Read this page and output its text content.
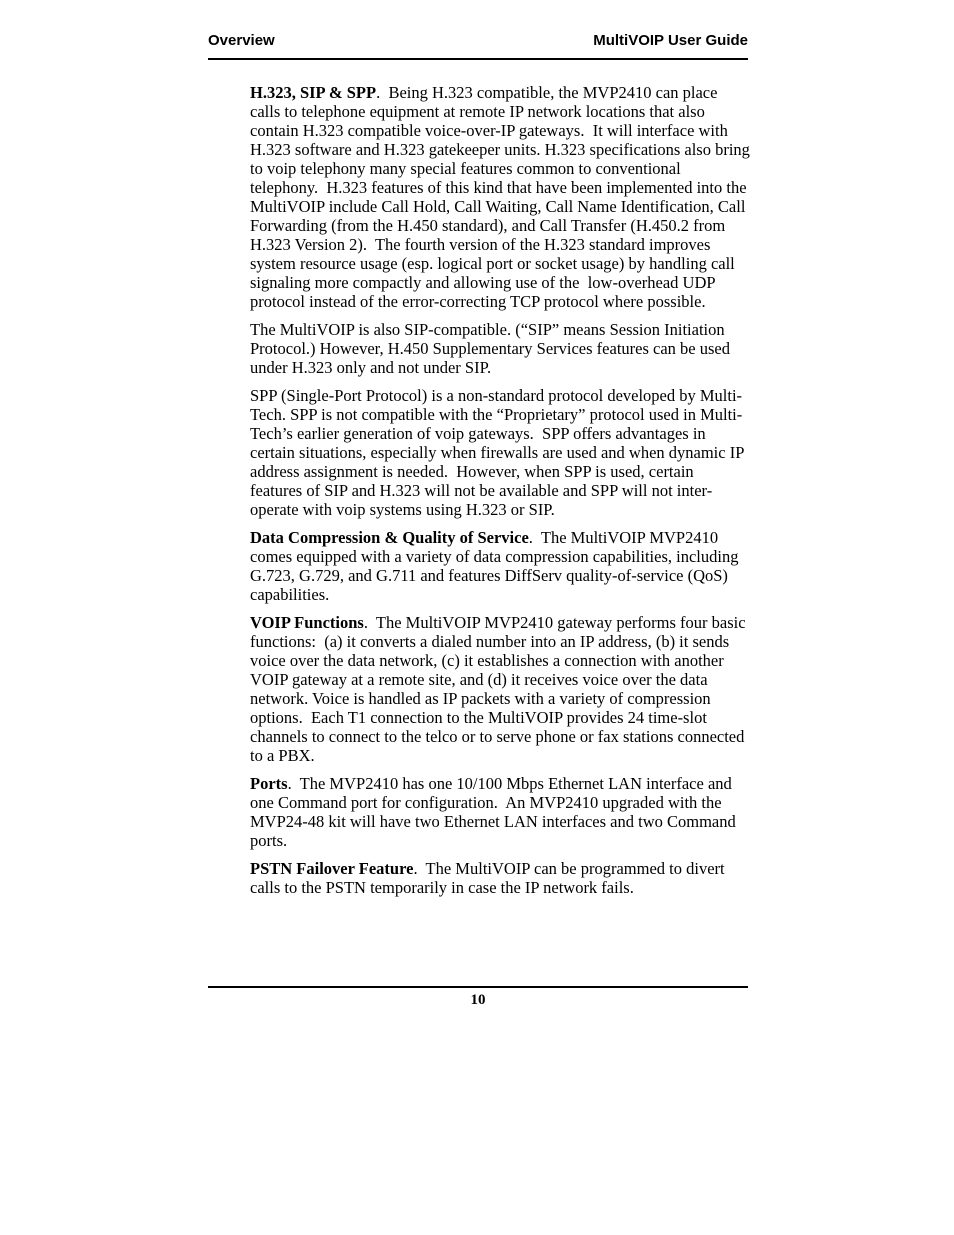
Overview	MultiVOIP User Guide

H.323, SIP & SPP.  Being H.323 compatible, the MVP2410 can place calls to telephone equipment at remote IP network locations that also contain H.323 compatible voice-over-IP gateways.  It will interface with H.323 software and H.323 gatekeeper units. H.323 specifications also bring to voip telephony many special features common to conventional telephony.  H.323 features of this kind that have been implemented into the MultiVOIP include Call Hold, Call Waiting, Call Name Identification, Call Forwarding (from the H.450 standard), and Call Transfer (H.450.2 from H.323 Version 2).  The fourth version of the H.323 standard improves system resource usage (esp. logical port or socket usage) by handling call signaling more compactly and allowing use of the  low-overhead UDP protocol instead of the error-correcting TCP protocol where possible.

The MultiVOIP is also SIP-compatible. (“SIP” means Session Initiation Protocol.) However, H.450 Supplementary Services features can be used under H.323 only and not under SIP.

SPP (Single-Port Protocol) is a non-standard protocol developed by Multi-Tech. SPP is not compatible with the “Proprietary” protocol used in Multi-Tech’s earlier generation of voip gateways.  SPP offers advantages in certain situations, especially when firewalls are used and when dynamic IP address assignment is needed.  However, when SPP is used, certain features of SIP and H.323 will not be available and SPP will not inter-operate with voip systems using H.323 or SIP.

Data Compression & Quality of Service.  The MultiVOIP MVP2410 comes equipped with a variety of data compression capabilities, including G.723, G.729, and G.711 and features DiffServ quality-of-service (QoS) capabilities.

VOIP Functions.  The MultiVOIP MVP2410 gateway performs four basic functions:  (a) it converts a dialed number into an IP address, (b) it sends voice over the data network, (c) it establishes a connection with another VOIP gateway at a remote site, and (d) it receives voice over the data network. Voice is handled as IP packets with a variety of compression options.  Each T1 connection to the MultiVOIP provides 24 time-slot channels to connect to the telco or to serve phone or fax stations connected to a PBX.

Ports.  The MVP2410 has one 10/100 Mbps Ethernet LAN interface and one Command port for configuration.  An MVP2410 upgraded with the MVP24-48 kit will have two Ethernet LAN interfaces and two Command ports.

PSTN Failover Feature.  The MultiVOIP can be programmed to divert calls to the PSTN temporarily in case the IP network fails.

10
